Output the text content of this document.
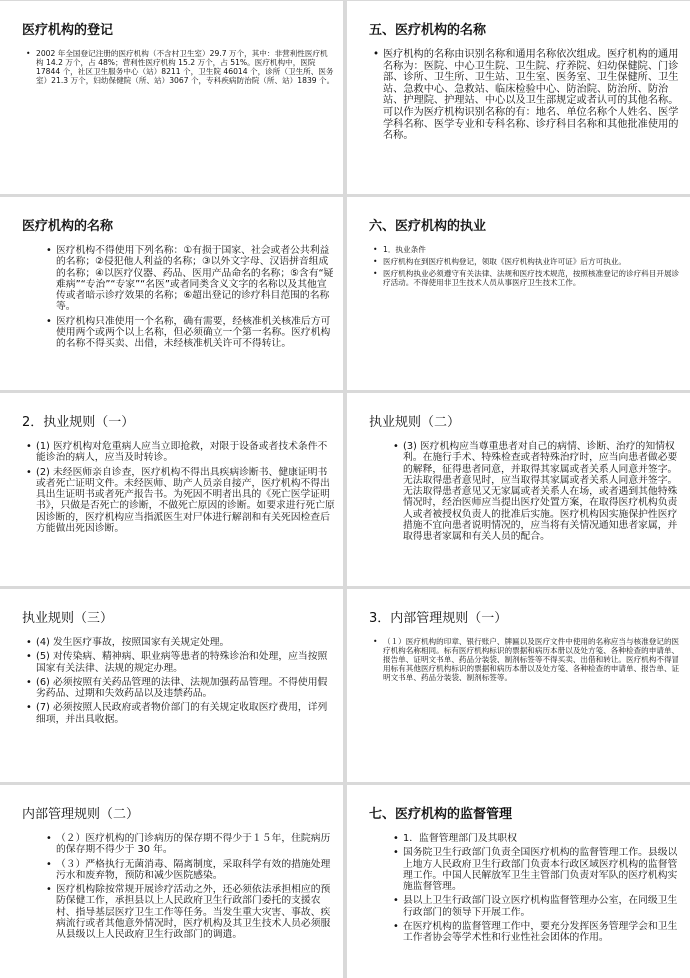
医疗机构的登记
• 2002 年全国登记注册的医疗机构（不含村卫生室）29.7 万个，其中：非营利性医疗机构 14.2 万个，占 48%；营利性医疗机构 15.2 万个，占 51%。医疗机构中，医院 17844 个，社区卫生服务中心（站）8211 个，卫生院 46014 个，诊所（卫生所、医务室）21.3 万个，妇幼保健院（所、站）3067 个，专科疾病防治院（所、站）1839 个。
五、医疗机构的名称
• 医疗机构的名称由识别名称和通用名称依次组成。医疗机构的通用名称为：医院、中心卫生院、卫生院、疗养院、妇幼保健院、门诊部、诊所、卫生所、卫生站、卫生室、医务室、卫生保健所、卫生站、急救中心、急救站、临床检验中心、防治院、防治所、防治站、护理院、护理站、中心以及卫生部规定或者认可的其他名称。可以作为医疗机构识别名称的有：地名、单位名称个人姓名、医学学科名称、医学专业和专科名称、诊疗科目名称和其他批准使用的名称。
医疗机构的名称
• 医疗机构不得使用下列名称：①有损于国家、社会或者公共利益的名称；②侵犯他人利益的名称；③以外文字母、汉语拼音组成的名称；④以医疗仪器、药品、医用产品命名的名称；⑤含有“疑难病”“专治”“专家”“名医”或者同类含义文字的名称以及其他宣传或者暗示诊疗效果的名称；⑥超出登记的诊疗科目范围的名称等。
• 医疗机构只准使用一个名称，确有需要，经核准机关核准后方可使用两个或两个以上名称，但必须确立一个第一名称。医疗机构的名称不得买卖、出借，未经核准机关许可不得转让。
六、医疗机构的执业
• 1．执业条件
• 医疗机构在到医疗机构登记，领取《医疗机构执业许可证》后方可执业。
• 医疗机构执业必须遵守有关法律、法规和医疗技术规范，按照核准登记的诊疗科目开展诊疗活动。不得使用非卫生技术人员从事医疗卫生技术工作。
2．执业规则（一）
• (1) 医疗机构对危重病人应当立即抢救，对限于设备或者技术条件不能诊治的病人，应当及时转诊。
• (2) 未经医师亲自诊查，医疗机构不得出具疾病诊断书、健康证明书或者死亡证明文件。未经医师、助产人员亲自接产，医疗机构不得出具出生证明书或者死产报告书。为死因不明者出具的《死亡医学证明书》，只做是否死亡的诊断，不做死亡原因的诊断。如要求进行死亡原因诊断的，医疗机构应当指派医生对尸体进行解剖和有关死因检查后方能做出死因诊断。
执业规则（二）
• (3) 医疗机构应当尊重患者对自己的病情、诊断、治疗的知情权利。在施行手术、特殊检查或者特殊治疗时，应当向患者做必要的解释，征得患者同意，并取得其家属或者关系人同意并签字。无法取得患者意见时，应当取得其家属或者关系人同意并签字。无法取得患者意见又无家属或者关系人在场，或者遇到其他特殊情况时，经治医师应当提出医疗处置方案，在取得医疗机构负责人或者被授权负责人的批准后实施。医疗机构因实施保护性医疗措施不宜向患者说明情况的，应当将有关情况通知患者家属，并取得患者家属和有关人员的配合。
执业规则（三）
• (4) 发生医疗事故，按照国家有关规定处理。
• (5) 对传染病、精神病、职业病等患者的特殊诊治和处理，应当按照国家有关法律、法规的规定办理。
• (6) 必须按照有关药品管理的法律、法规加强药品管理。不得使用假劣药品、过期和失效药品以及违禁药品。
• (7) 必须按照人民政府或者物价部门的有关规定收取医疗费用，详列细项，并出具收据。
3．内部管理规则（一）
• （１）医疗机构的印章、银行账户、牌匾以及医疗文件中使用的名称应当与核准登记的医疗机构名称相同。标有医疗机构标识的票据和病历本册以及处方笺、各种检查的申请单、报告单、证明文书单、药品分装袋、制剂标签等不得买卖、出借和转让。医疗机构不得冒用标有其他医疗机构标识的票据和病历本册以及处方笺、各种检查的申请单、报告单、证明文书单、药品分装袋、制剂标签等。
内部管理规则（二）
• （２）医疗机构的门诊病历的保存期不得少于１５年，住院病历的保存期不得少于 30 年。
• （３）严格执行无菌消毒、隔离制度，采取科学有效的措施处理污水和废弃物，预防和减少医院感染。
• 医疗机构除按常规开展诊疗活动之外，还必须依法承担相应的预防保健工作，承担县以上人民政府卫生行政部门委托的支援农村、指导基层医疗卫生工作等任务。当发生重大灾害、事故、疾病流行或者其他意外情况时，医疗机构及其卫生技术人员必须服从县级以上人民政府卫生行政部门的调遣。
七、医疗机构的监督管理
• 1．监督管理部门及其职权
• 国务院卫生行政部门负责全国医疗机构的监督管理工作。县级以上地方人民政府卫生行政部门负责本行政区域医疗机构的监督管理工作。中国人民解放军卫生主管部门负责对军队的医疗机构实施监督管理。
• 县以上卫生行政部门设立医疗机构监督管理办公室，在同级卫生行政部门的领导下开展工作。
• 在医疗机构的监督管理工作中，要充分发挥医务管理学会和卫生工作者协会等学术性和行业性社会团体的作用。
